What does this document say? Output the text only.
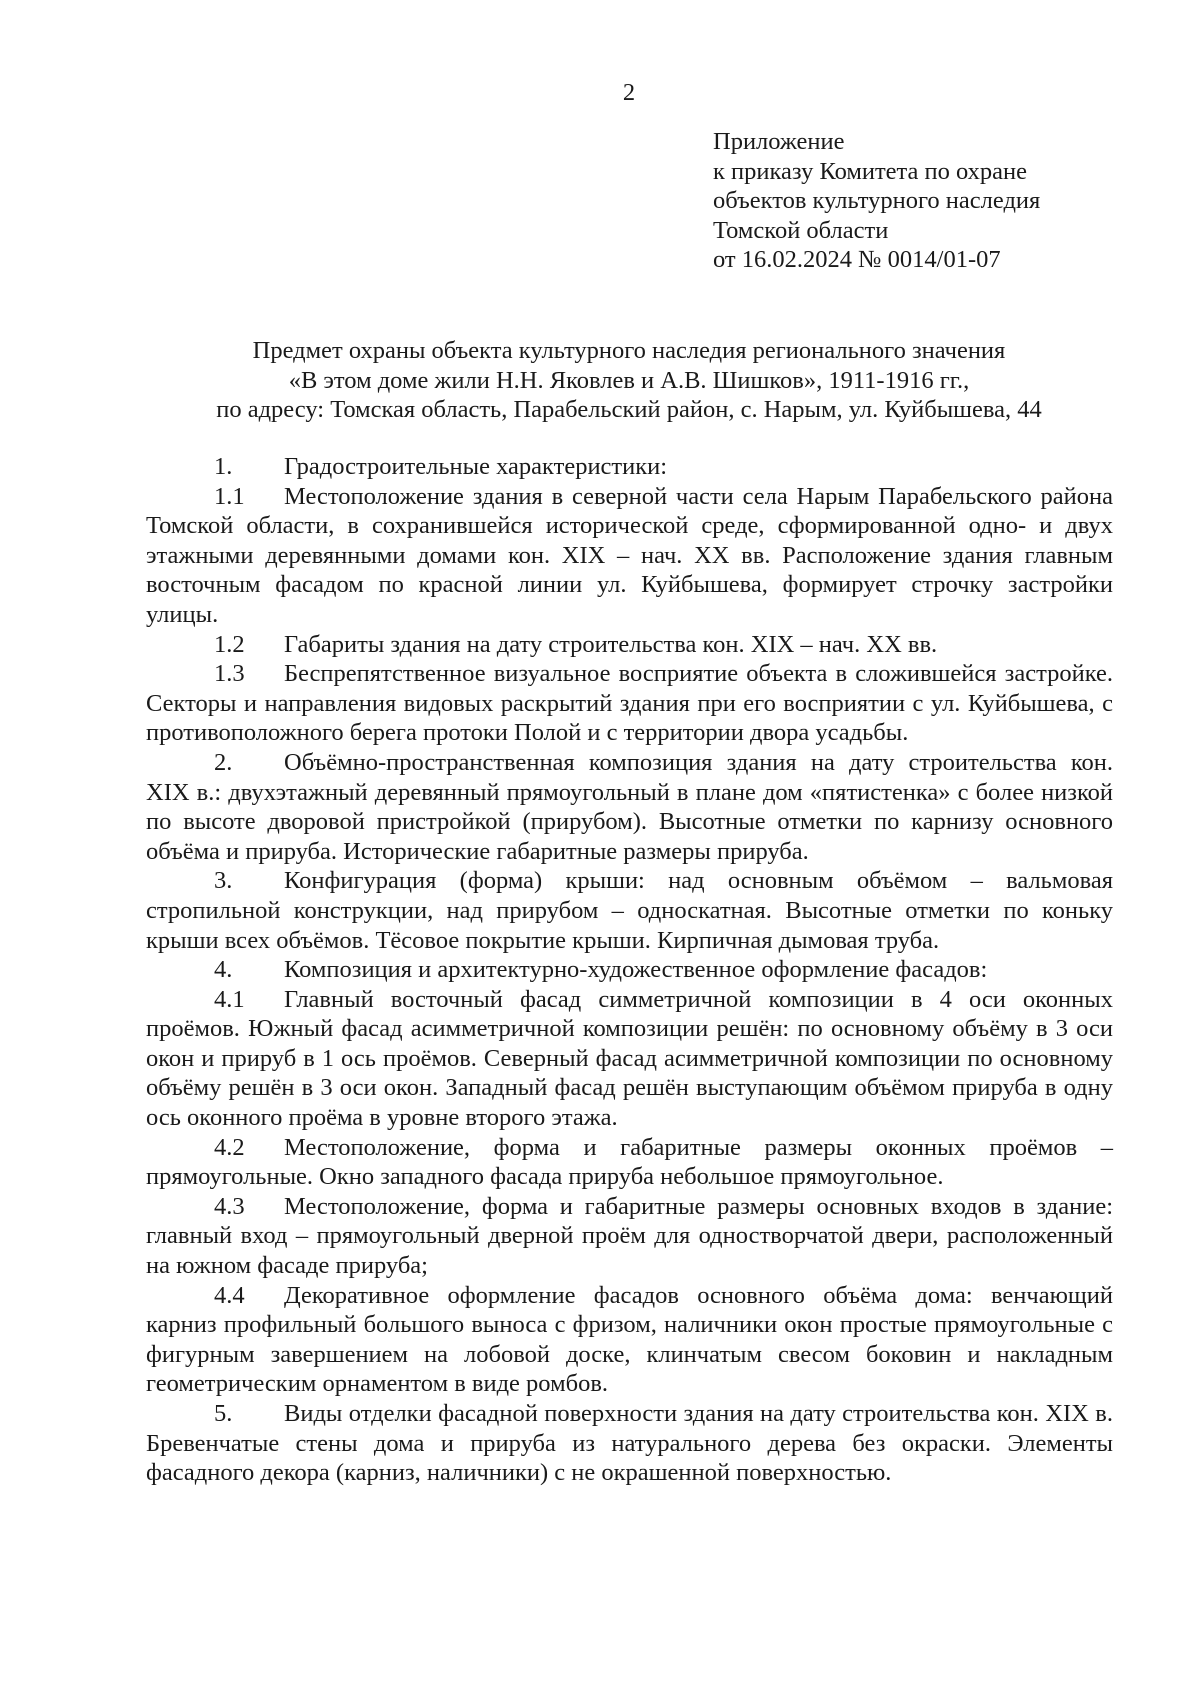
2
Приложение
к приказу Комитета по охране
объектов культурного наследия
Томской области
от 16.02.2024 № 0014/01-07
Предмет охраны объекта культурного наследия регионального значения
«В этом доме жили Н.Н. Яковлев и А.В. Шишков», 1911-1916 гг.,
по адресу: Томская область, Парабельский район, с. Нарым, ул. Куйбышева, 44

1. Градостроительные характеристики:

1.1 Местоположение здания в северной части села Нарым Парабельского района Томской области, в сохранившейся исторической среде, сформированной одно- и двух этажными деревянными домами кон. XIX – нач. XX вв. Расположение здания главным восточным фасадом по красной линии ул. Куйбышева, формирует строчку застройки улицы.

1.2 Габариты здания на дату строительства кон. XIX – нач. XX вв.

1.3 Беспрепятственное визуальное восприятие объекта в сложившейся застройке. Секторы и направления видовых раскрытий здания при его восприятии с ул. Куйбышева, с противоположного берега протоки Полой и с территории двора усадьбы.

2. Объёмно-пространственная композиция здания на дату строительства кон. XIX в.: двухэтажный деревянный прямоугольный в плане дом «пятистенка» с более низкой по высоте дворовой пристройкой (прирубом). Высотные отметки по карнизу основного объёма и прируба. Исторические габаритные размеры прируба.

3. Конфигурация (форма) крыши: над основным объёмом – вальмовая стропильной конструкции, над прирубом – односкатная. Высотные отметки по коньку крыши всех объёмов. Тёсовое покрытие крыши. Кирпичная дымовая труба.

4. Композиция и архитектурно-художественное оформление фасадов:

4.1 Главный восточный фасад симметричной композиции в 4 оси оконных проёмов. Южный фасад асимметричной композиции решён: по основному объёму в 3 оси окон и прируб в 1 ось проёмов. Северный фасад асимметричной композиции по основному объёму решён в 3 оси окон. Западный фасад решён выступающим объёмом прируба в одну ось оконного проёма в уровне второго этажа.

4.2 Местоположение, форма и габаритные размеры оконных проёмов – прямоугольные. Окно западного фасада прируба небольшое прямоугольное.

4.3 Местоположение, форма и габаритные размеры основных входов в здание: главный вход – прямоугольный дверной проём для одностворчатой двери, расположенный на южном фасаде прируба;

4.4 Декоративное оформление фасадов основного объёма дома: венчающий карниз профильный большого выноса с фризом, наличники окон простые прямоугольные с фигурным завершением на лобовой доске, клинчатым свесом боковин и накладным геометрическим орнаментом в виде ромбов.

5. Виды отделки фасадной поверхности здания на дату строительства кон. XIX в. Бревенчатые стены дома и прируба из натурального дерева без окраски. Элементы фасадного декора (карниз, наличники) с не окрашенной поверхностью.
